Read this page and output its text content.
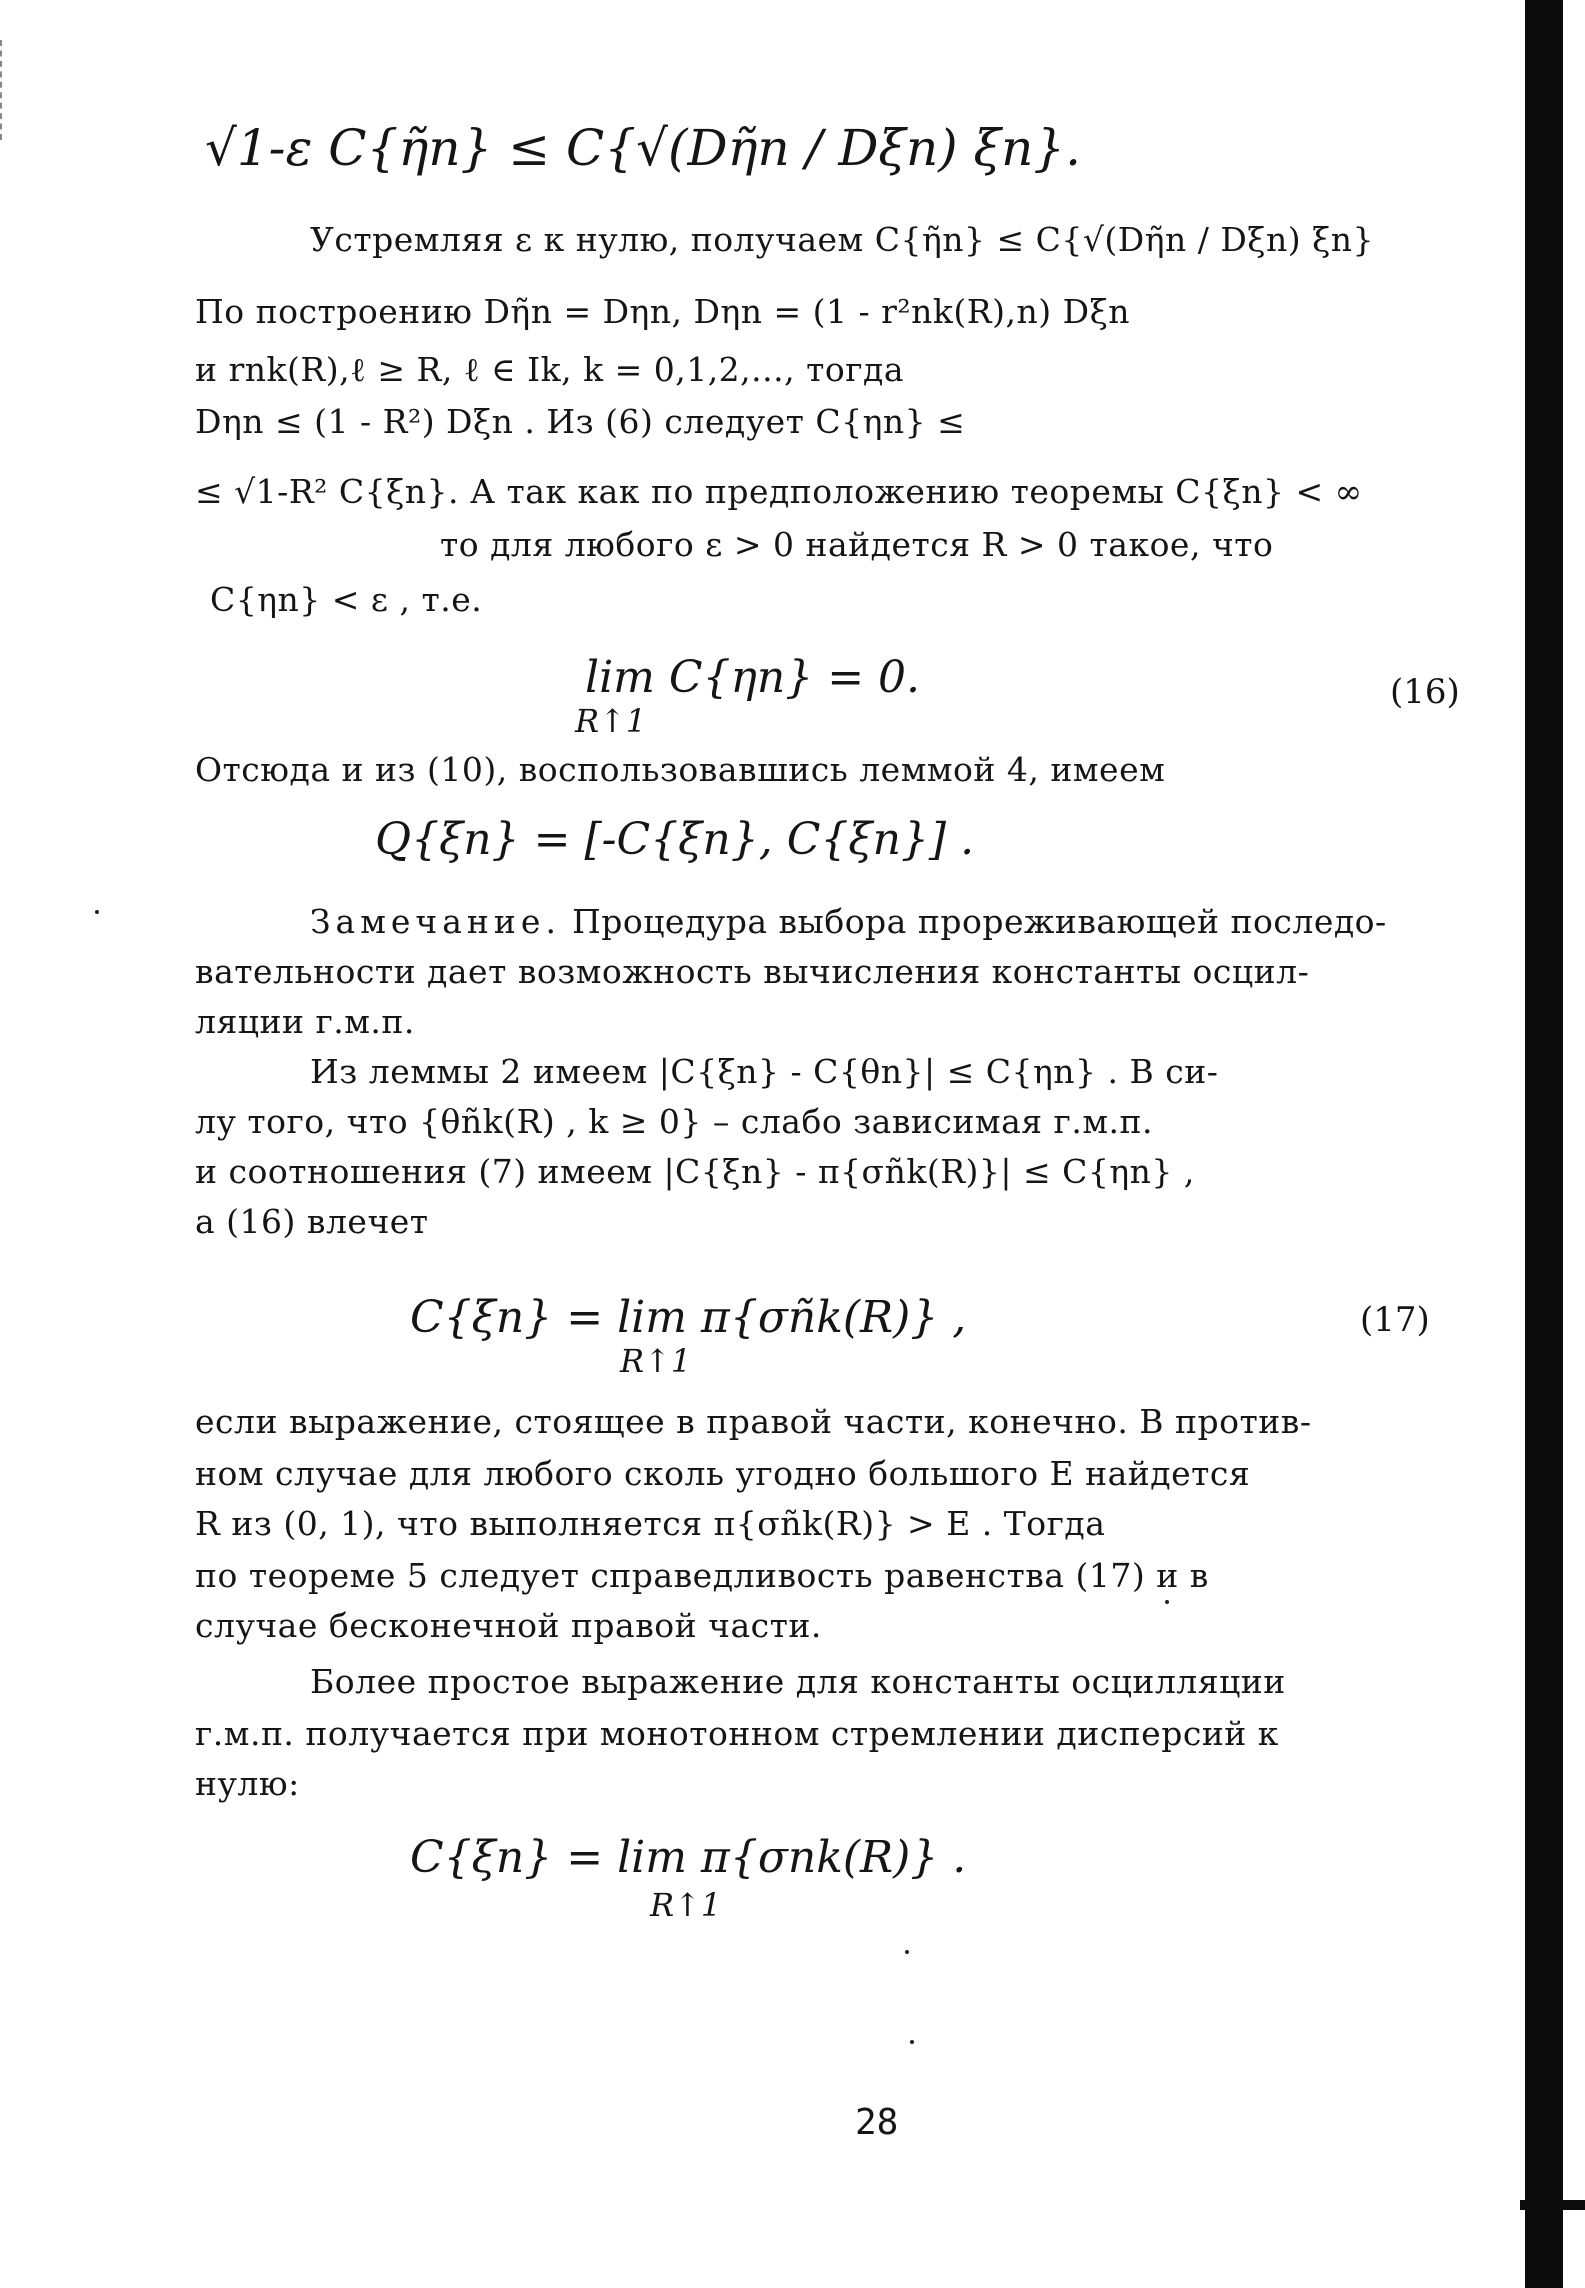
√1-ε C{η̃n} ≤ C{√(Dη̃n / Dξn) ξn}.
Устремляя ε к нулю, получаем C{η̃n} ≤ C{√(Dη̃n / Dξn) ξn}
По построению Dη̃n = Dηn, Dηn = (1 - r²nk(R),n) Dξn
и rnk(R),ℓ ≥ R, ℓ ∈ Ik, k = 0,1,2,..., тогда
Dηn ≤ (1 - R²) Dξn . Из (6) следует C{ηn} ≤
≤ √1-R² C{ξn}. А так как по предположению теоремы C{ξn} < ∞
то для любого ε > 0 найдется R > 0 такое, что
C{ηn} < ε , т.е.
lim C{ηn} = 0.
R↑1
(16)
Отсюда и из (10), воспользовавшись леммой 4, имеем
Q{ξn} = [-C{ξn}, C{ξn}] .
Замечание. Процедура выбора прореживающей последо-
вательности дает возможность вычисления константы осцил-
ляции г.м.п.
Из леммы 2 имеем |C{ξn} - C{θn}| ≤ C{ηn} . В си-
лу того, что {θñk(R) , k ≥ 0} – слабо зависимая г.м.п.
и соотношения (7) имеем |C{ξn} - π{σñk(R)}| ≤ C{ηn} ,
а (16) влечет
C{ξn} = lim π{σñk(R)} ,
R↑1
(17)
если выражение, стоящее в правой части, конечно. В против-
ном случае для любого сколь угодно большого E найдется
R из (0, 1), что выполняется π{σñk(R)} > E . Тогда
по теореме 5 следует справедливость равенства (17) и в
случае бесконечной правой части.
Более простое выражение для константы осцилляции
г.м.п. получается при монотонном стремлении дисперсий к
нулю:
C{ξn} = lim π{σnk(R)} .
R↑1
28
